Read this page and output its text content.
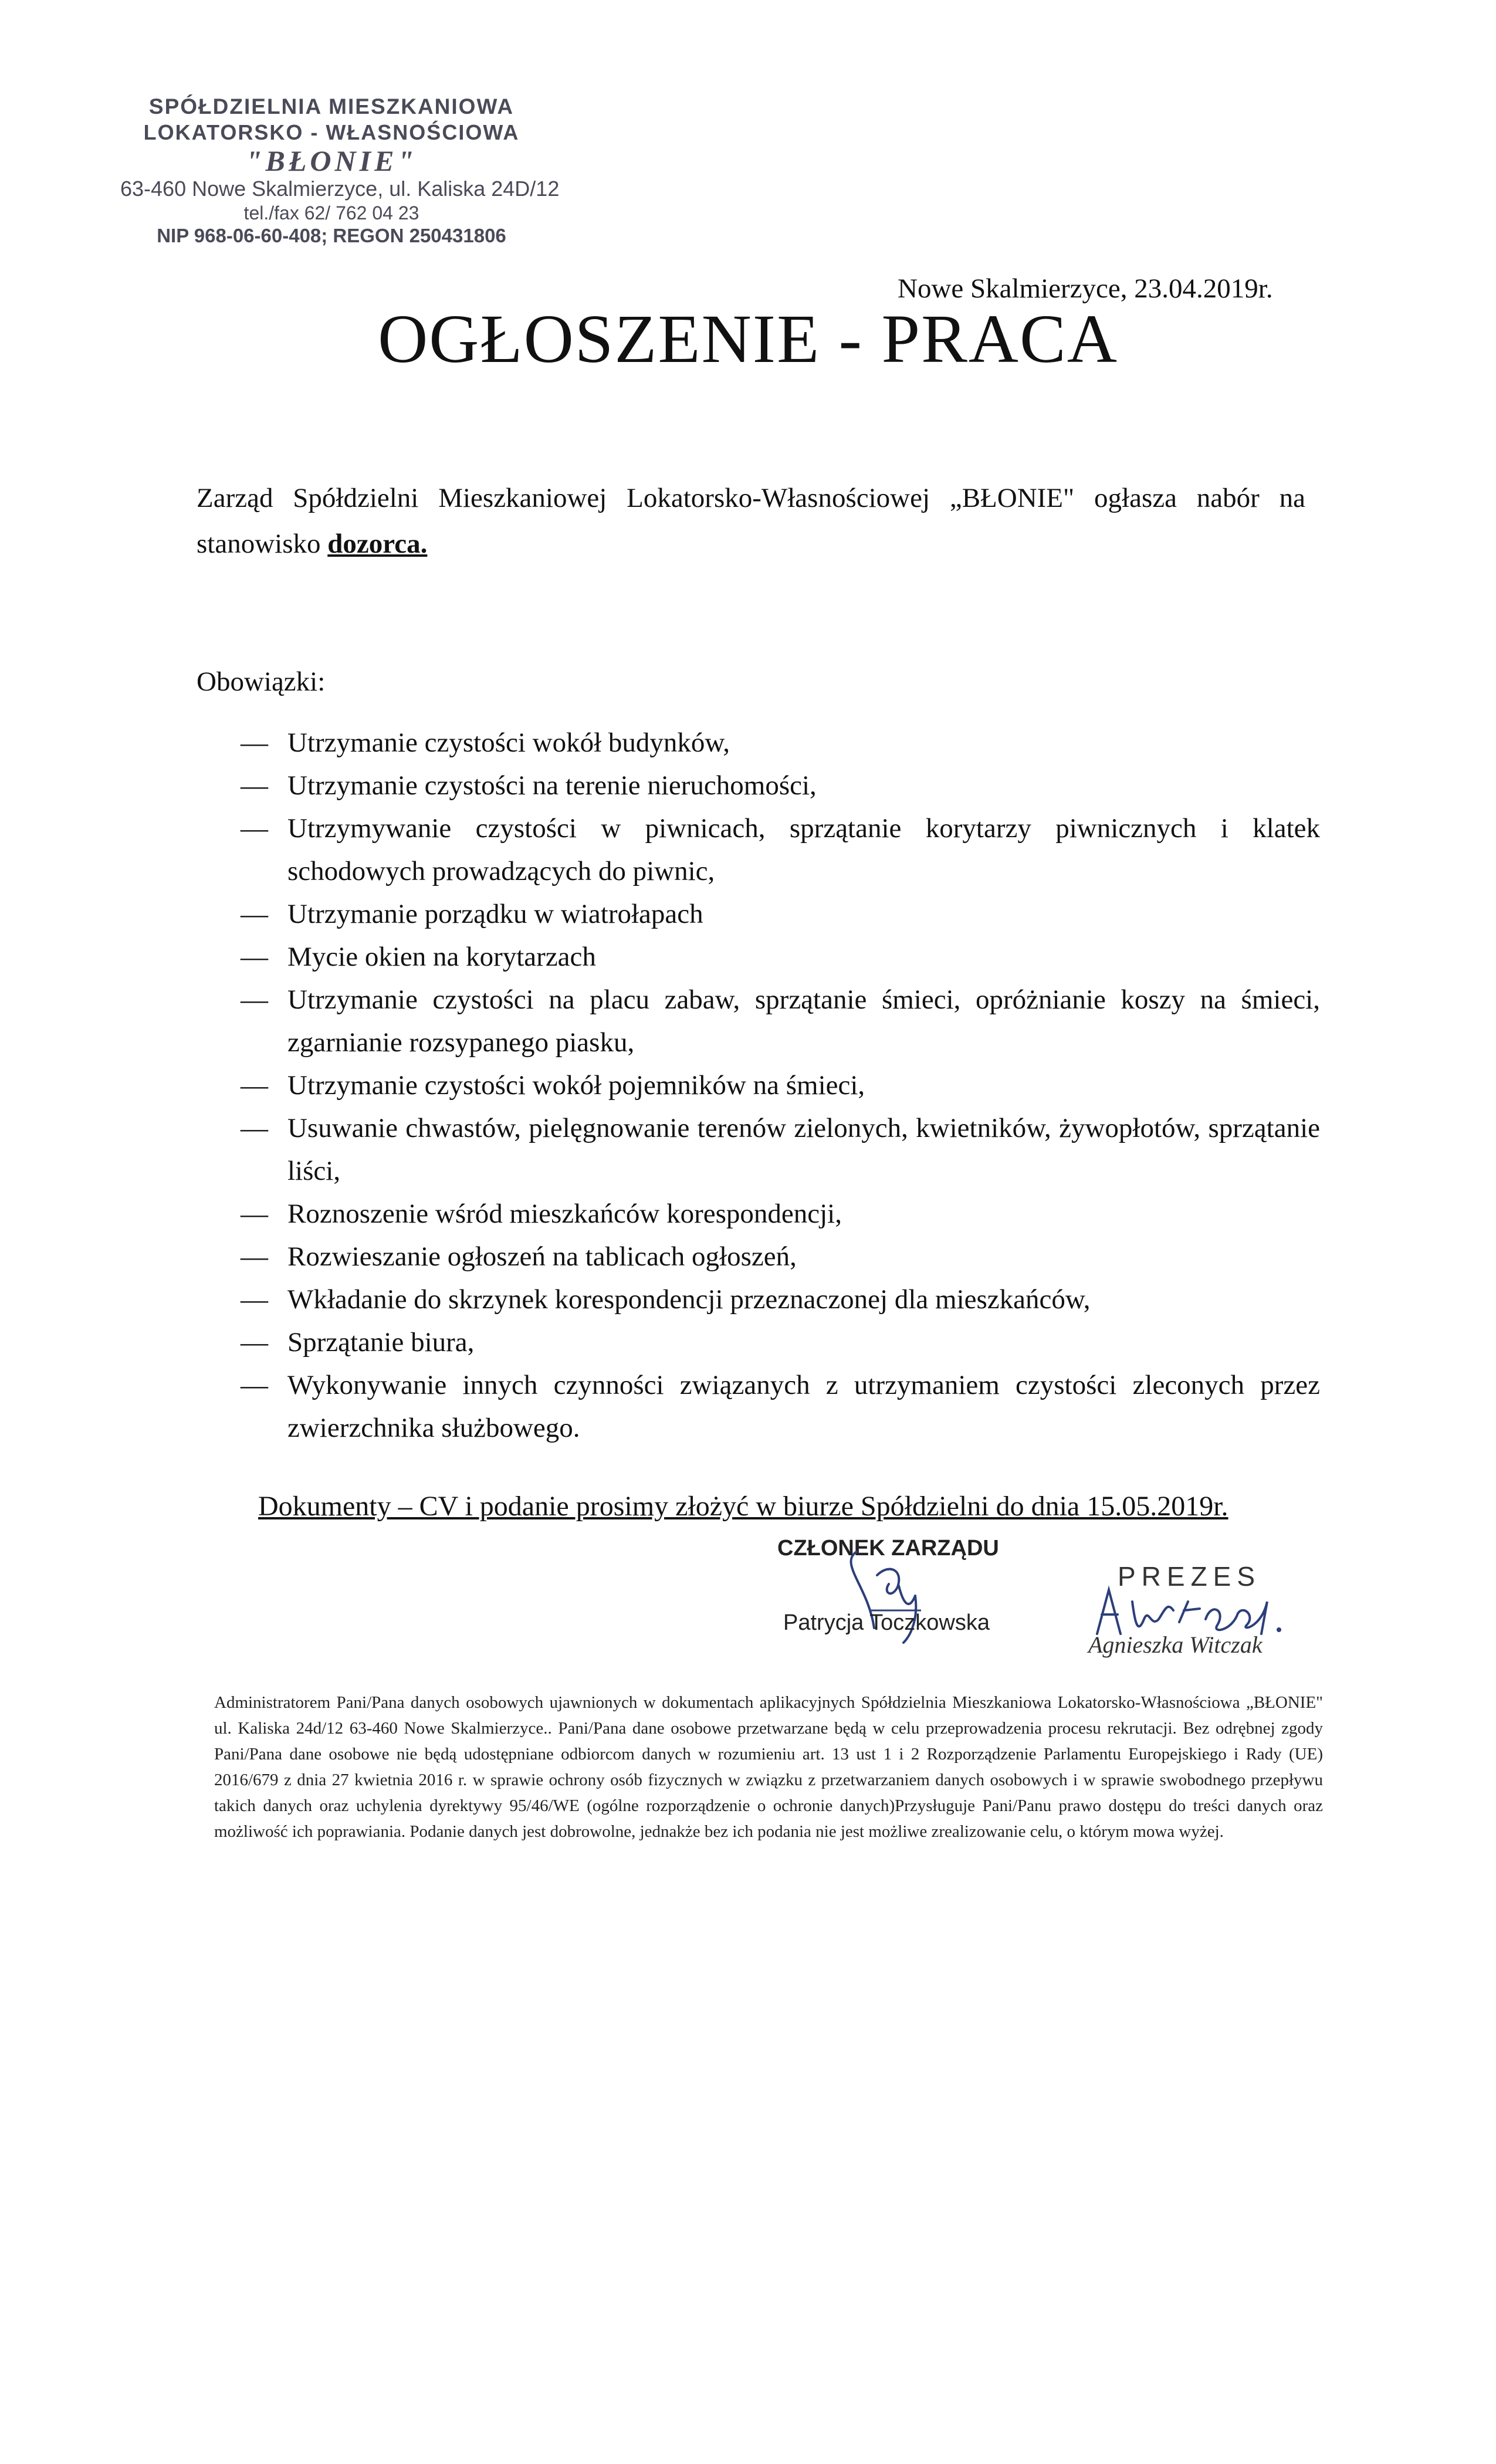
SPÓŁDZIELNIA MIESZKANIOWA
LOKATORSKO - WŁASNOŚCIOWA
"BŁONIE"
63-460 Nowe Skalmierzyce, ul. Kaliska 24D/12
tel./fax 62/ 762 04 23
NIP 968-06-60-408; REGON 250431806
Nowe Skalmierzyce, 23.04.2019r.
OGŁOSZENIE - PRACA
Zarząd Spółdzielni Mieszkaniowej Lokatorsko-Własnościowej „BŁONIE" ogłasza nabór na
stanowisko dozorca.
Obowiązki:
— Utrzymanie czystości wokół budynków,
— Utrzymanie czystości na terenie nieruchomości,
— Utrzymywanie czystości w piwnicach, sprzątanie korytarzy piwnicznych i klatek schodowych prowadzących do piwnic,
— Utrzymanie porządku w wiatrołapach
— Mycie okien na korytarzach
— Utrzymanie czystości na placu zabaw, sprzątanie śmieci, opróżnianie koszy na śmieci, zgarnianie rozsypanego piasku,
— Utrzymanie czystości wokół pojemników na śmieci,
— Usuwanie chwastów, pielęgnowanie terenów zielonych, kwietników, żywopłotów, sprzątanie liści,
— Roznoszenie wśród mieszkańców korespondencji,
— Rozwieszanie ogłoszeń na tablicach ogłoszeń,
— Wkładanie do skrzynek korespondencji przeznaczonej dla mieszkańców,
— Sprzątanie biura,
— Wykonywanie innych czynności związanych z utrzymaniem czystości zleconych przez zwierzchnika służbowego.
Dokumenty – CV i podanie prosimy złożyć w biurze Spółdzielni do dnia 15.05.2019r.
CZŁONEK ZARZĄDU
Patrycja Toczkowska
PREZES
Agnieszka Witczak
Administratorem Pani/Pana danych osobowych ujawnionych w dokumentach aplikacyjnych Spółdzielnia Mieszkaniowa Lokatorsko-Własnościowa „BŁONIE" ul. Kaliska 24d/12 63-460 Nowe Skalmierzyce.. Pani/Pana dane osobowe przetwarzane będą w celu przeprowadzenia procesu rekrutacji. Bez odrębnej zgody Pani/Pana dane osobowe nie będą udostępniane odbiorcom danych w rozumieniu art. 13 ust 1 i 2 Rozporządzenie Parlamentu Europejskiego i Rady (UE) 2016/679 z dnia 27 kwietnia 2016 r. w sprawie ochrony osób fizycznych w związku z przetwarzaniem danych osobowych i w sprawie swobodnego przepływu takich danych oraz uchylenia dyrektywy 95/46/WE (ogólne rozporządzenie o ochronie danych)Przysługuje Pani/Panu prawo dostępu do treści danych oraz możliwość ich poprawiania. Podanie danych jest dobrowolne, jednakże bez ich podania nie jest możliwe zrealizowanie celu, o którym mowa wyżej.
